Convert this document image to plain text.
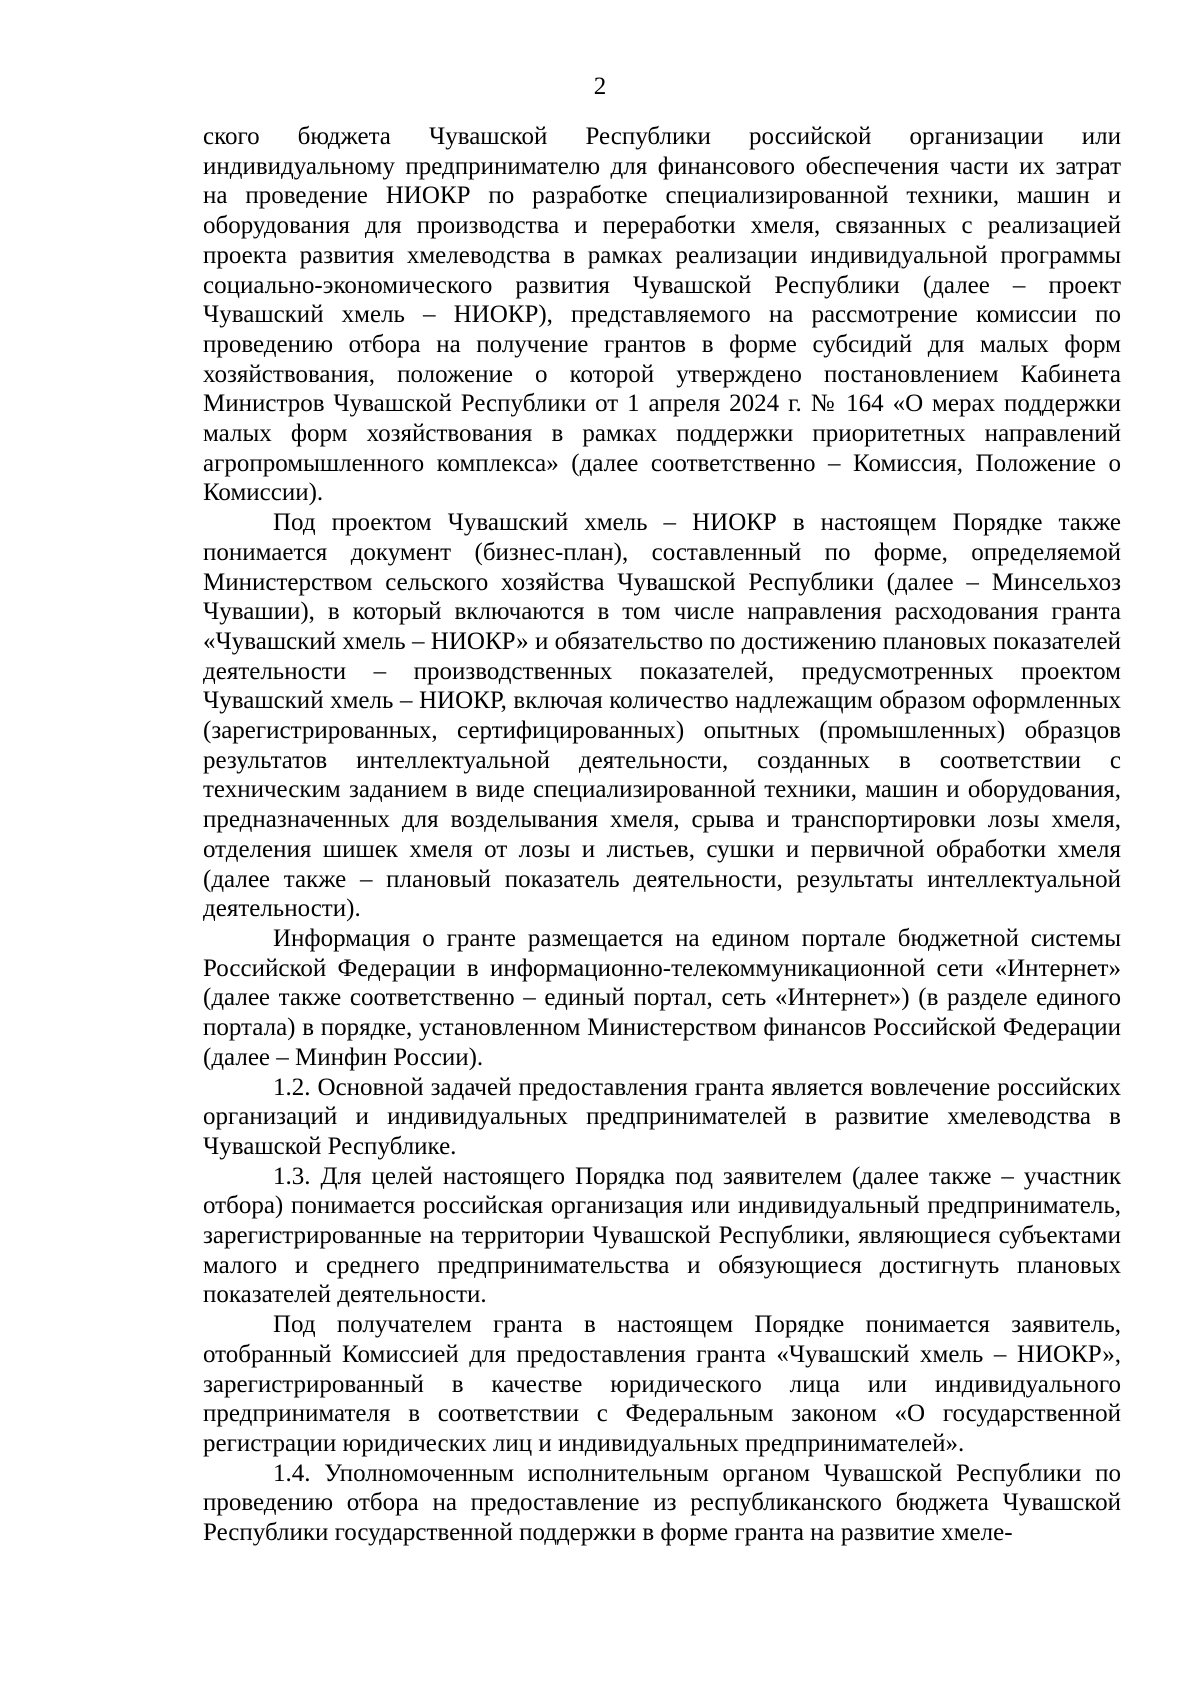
2

ского бюджета Чувашской Республики российской организации или индивидуальному предпринимателю для финансового обеспечения части их затрат на проведение НИОКР по разработке специализированной техники, машин и оборудования для производства и переработки хмеля, связанных с реализацией проекта развития хмелеводства в рамках реализации индивидуальной программы социально-экономического развития Чувашской Республики (далее – проект Чувашский хмель – НИОКР), представляемого на рассмотрение комиссии по проведению отбора на получение грантов в форме субсидий для малых форм хозяйствования, положение о которой утверждено постановлением Кабинета Министров Чувашской Республики от 1 апреля 2024 г. № 164 «О мерах поддержки малых форм хозяйствования в рамках поддержки приоритетных направлений агропромышленного комплекса» (далее соответственно – Комиссия, Положение о Комиссии).

Под проектом Чувашский хмель – НИОКР в настоящем Порядке также понимается документ (бизнес-план), составленный по форме, определяемой Министерством сельского хозяйства Чувашской Республики (далее – Минсельхоз Чувашии), в который включаются в том числе направления расходования гранта «Чувашский хмель – НИОКР» и обязательство по достижению плановых показателей деятельности – производственных показателей, предусмотренных проектом Чувашский хмель – НИОКР, включая количество надлежащим образом оформленных (зарегистрированных, сертифицированных) опытных (промышленных) образцов результатов интеллектуальной деятельности, созданных в соответствии с техническим заданием в виде специализированной техники, машин и оборудования, предназначенных для возделывания хмеля, срыва и транспортировки лозы хмеля, отделения шишек хмеля от лозы и листьев, сушки и первичной обработки хмеля (далее также – плановый показатель деятельности, результаты интеллектуальной деятельности).

Информация о гранте размещается на едином портале бюджетной системы Российской Федерации в информационно-телекоммуникационной сети «Интернет» (далее также соответственно – единый портал, сеть «Интернет») (в разделе единого портала) в порядке, установленном Министерством финансов Российской Федерации (далее – Минфин России).

1.2. Основной задачей предоставления гранта является вовлечение российских организаций и индивидуальных предпринимателей в развитие хмелеводства в Чувашской Республике.

1.3. Для целей настоящего Порядка под заявителем (далее также – участник отбора) понимается российская организация или индивидуальный предприниматель, зарегистрированные на территории Чувашской Республики, являющиеся субъектами малого и среднего предпринимательства и обязующиеся достигнуть плановых показателей деятельности.

Под получателем гранта в настоящем Порядке понимается заявитель, отобранный Комиссией для предоставления гранта «Чувашский хмель – НИОКР», зарегистрированный в качестве юридического лица или индивидуального предпринимателя в соответствии с Федеральным законом «О государственной регистрации юридических лиц и индивидуальных предпринимателей».

1.4. Уполномоченным исполнительным органом Чувашской Республики по проведению отбора на предоставление из республиканского бюджета Чувашской Республики государственной поддержки в форме гранта на развитие хмеле-
